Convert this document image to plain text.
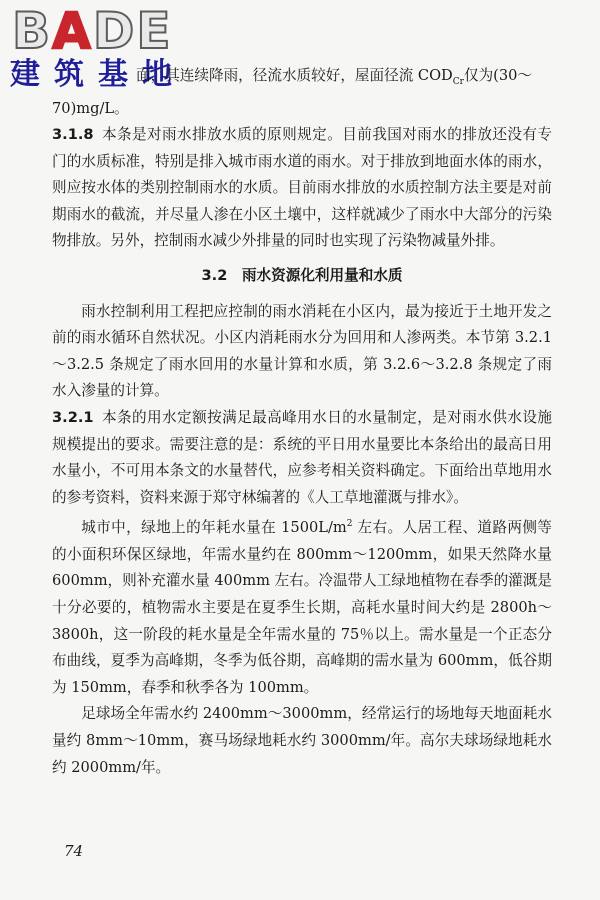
BADE
建筑基地

面，其连续降雨，径流水质较好，屋面径流 $COD_{Cr}$仅为(30～

70)mg/L。

3.1.8 本条是对雨水排放水质的原则规定。目前我国对雨水的排放还没有专门的水质标准，特别是排入城市雨水道的雨水。对于排放到地面水体的雨水，则应按水体的类别控制雨水的水质。目前雨水排放的水质控制方法主要是对前期雨水的截流，并尽量人渗在小区土壤中，这样就减少了雨水中大部分的污染物排放。另外，控制雨水减少外排量的同时也实现了污染物减量外排。

3.2　雨水资源化利用量和水质

雨水控制利用工程把应控制的雨水消耗在小区内，最为接近于土地开发之前的雨水循环自然状况。小区内消耗雨水分为回用和人渗两类。本节第 3.2.1～3.2.5 条规定了雨水回用的水量计算和水质，第 3.2.6～3.2.8 条规定了雨水入渗量的计算。

3.2.1 本条的用水定额按满足最高峰用水日的水量制定，是对雨水供水设施规模提出的要求。需要注意的是：系统的平日用水量要比本条给出的最高日用水量小，不可用本条文的水量替代，应参考相关资料确定。下面给出草地用水的参考资料，资料来源于郑守林编著的《人工草地灌溉与排水》。

城市中，绿地上的年耗水量在 $1500L/m^2$ 左右。人居工程、道路两侧等的小面积环保区绿地，年需水量约在 800mm～1200mm，如果天然降水量 600mm，则补充灌水量 400mm 左右。冷温带人工绿地植物在春季的灌溉是十分必要的，植物需水主要是在夏季生长期，高耗水量时间大约是 2800h～3800h，这一阶段的耗水量是全年需水量的 75％以上。需水量是一个正态分布曲线，夏季为高峰期，冬季为低谷期，高峰期的需水量为 600mm，低谷期为 150mm，春季和秋季各为 100mm。

足球场全年需水约 2400mm～3000mm，经常运行的场地每天地面耗水量约 8mm～10mm，赛马场绿地耗水约 3000mm/年。高尔夫球场绿地耗水约 2000mm/年。

74
